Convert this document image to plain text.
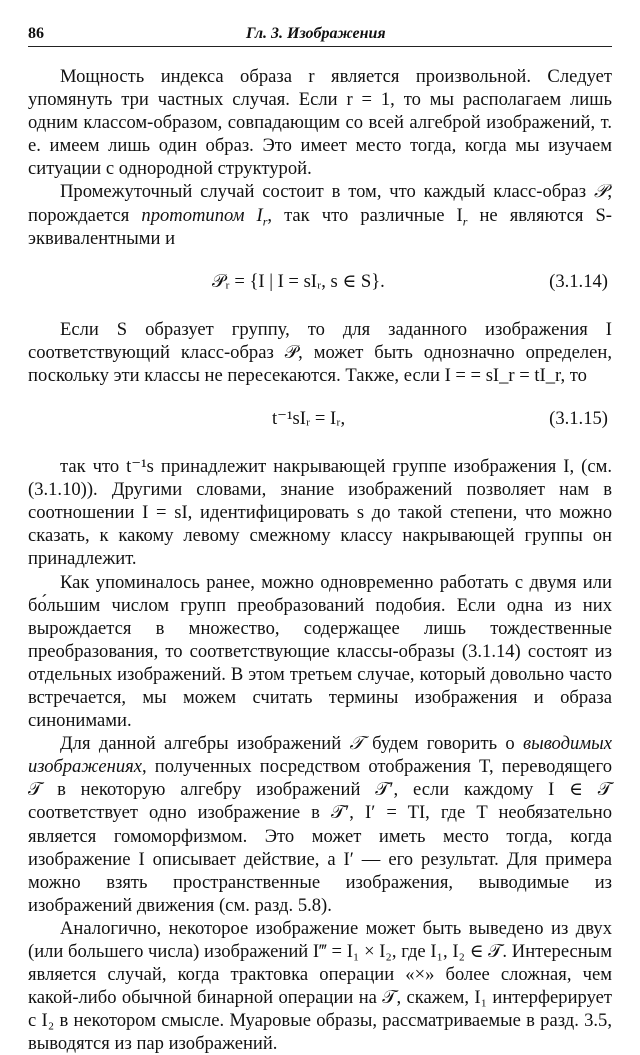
86	Гл. 3. Изображения

Мощность индекса образа r является произвольной. Следует упомянуть три частных случая. Если r = 1, то мы располагаем лишь одним классом-образом, совпадающим со всей алгеброй изображений, т. е. имеем лишь один образ. Это имеет место тогда, когда мы изучаем ситуации с однородной структурой.

Промежуточный случай состоит в том, что каждый класс-образ 𝒫, порождается прототипом $I_r$, так что различные $I_r$ не являются S-эквивалентными и

𝒫ᵣ = {I | I = sIᵣ, s ∈ S}.	(3.1.14)

Если S образует группу, то для заданного изображения I соответствующий класс-образ 𝒫, может быть однозначно определен, поскольку эти классы не пересекаются. Также, если I = = sI_r = tI_r, то

t⁻¹sIᵣ = Iᵣ,	(3.1.15)

так что t⁻¹s принадлежит накрывающей группе изображения I, (см. (3.1.10)). Другими словами, знание изображений позволяет нам в соотношении I = sI, идентифицировать s до такой степени, что можно сказать, к какому левому смежному классу накрывающей группы он принадлежит.

Как упоминалось ранее, можно одновременно работать с двумя или бо́льшим числом групп преобразований подобия. Если одна из них вырождается в множество, содержащее лишь тождественные преобразования, то соответствующие классы-образы (3.1.14) состоят из отдельных изображений. В этом третьем случае, который довольно часто встречается, мы можем считать термины изображения и образа синонимами.

Для данной алгебры изображений 𝒯 будем говорить о выводимых изображениях, полученных посредством отображения T, переводящего 𝒯 в некоторую алгебру изображений 𝒯′, если каждому I ∈ 𝒯 соответствует одно изображение в 𝒯′, I′ = TI, где T необязательно является гомоморфизмом. Это может иметь место тогда, когда изображение I описывает действие, а I′ — его результат. Для примера можно взять пространственные изображения, выводимые из изображений движения (см. разд. 5.8).

Аналогично, некоторое изображение может быть выведено из двух (или большего числа) изображений I‴ = I₁ × I₂, где I₁, I₂ ∈ 𝒯. Интересным является случай, когда трактовка операции «×» более сложная, чем какой-либо обычной бинарной операции на 𝒯, скажем, I₁ интерферирует с I₂ в некотором смысле. Муаровые образы, рассматриваемые в разд. 3.5, выводятся из пар изображений.
